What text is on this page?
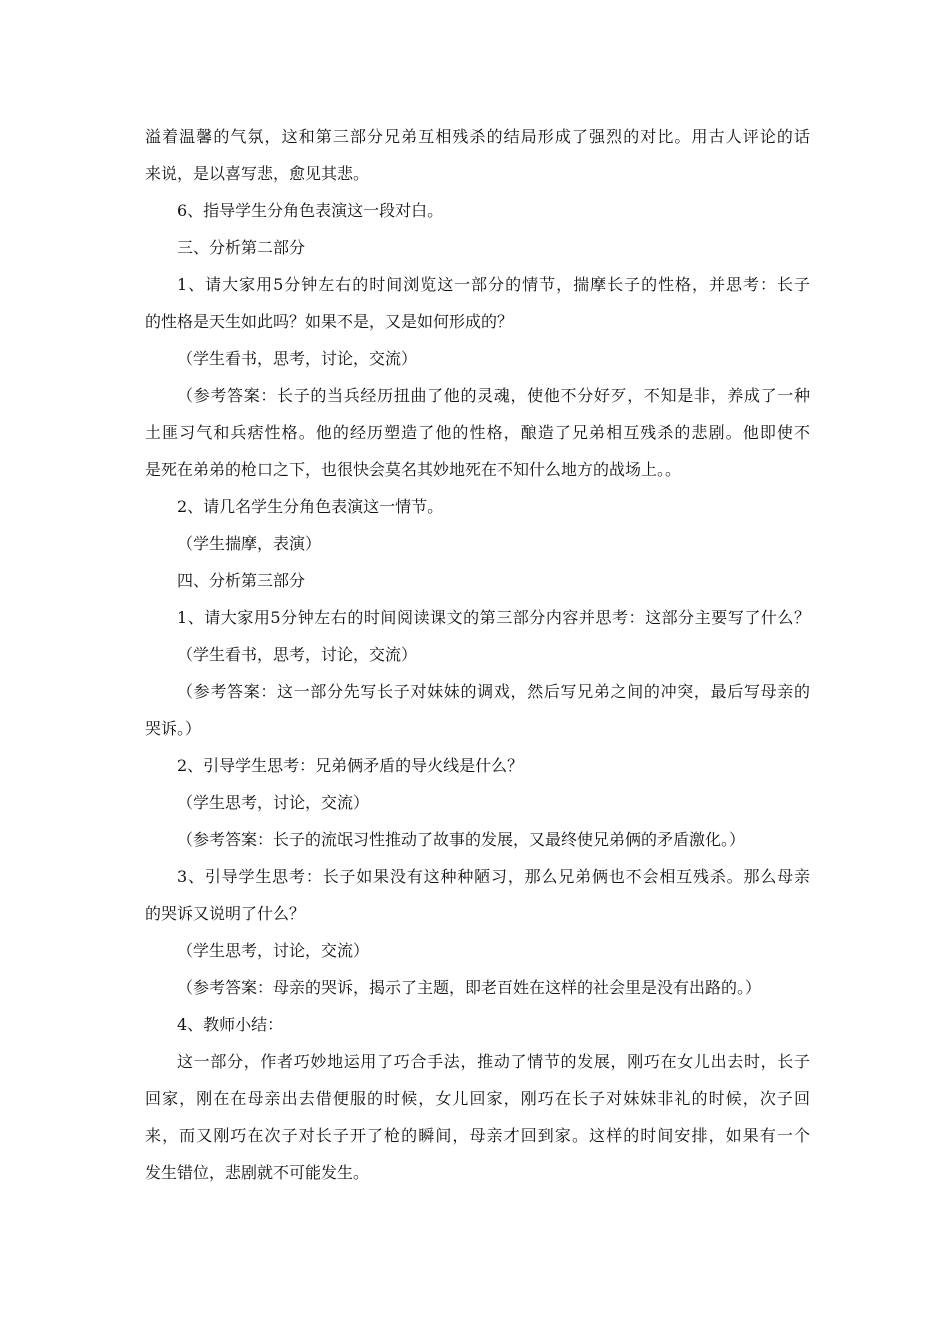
溢着温馨的气氛，这和第三部分兄弟互相残杀的结局形成了强烈的对比。用古人评论的话
来说，是以喜写悲，愈见其悲。
6、指导学生分角色表演这一段对白。
三、分析第二部分
1、请大家用5分钟左右的时间浏览这一部分的情节，揣摩长子的性格，并思考：长子
的性格是天生如此吗？如果不是，又是如何形成的？
（学生看书，思考，讨论，交流）
（参考答案：长子的当兵经历扭曲了他的灵魂，使他不分好歹，不知是非，养成了一种
土匪习气和兵痞性格。他的经历塑造了他的性格，酿造了兄弟相互残杀的悲剧。他即使不
是死在弟弟的枪口之下，也很快会莫名其妙地死在不知什么地方的战场上。。
2、请几名学生分角色表演这一情节。
（学生揣摩，表演）
四、分析第三部分
1、请大家用5分钟左右的时间阅读课文的第三部分内容并思考：这部分主要写了什么？
（学生看书，思考，讨论，交流）
（参考答案：这一部分先写长子对妹妹的调戏，然后写兄弟之间的冲突，最后写母亲的
哭诉。）
2、引导学生思考：兄弟俩矛盾的导火线是什么？
（学生思考，讨论，交流）
（参考答案：长子的流氓习性推动了故事的发展，又最终使兄弟俩的矛盾激化。）
3、引导学生思考：长子如果没有这种种陋习，那么兄弟俩也不会相互残杀。那么母亲
的哭诉又说明了什么？
（学生思考，讨论，交流）
（参考答案：母亲的哭诉，揭示了主题，即老百姓在这样的社会里是没有出路的。）
4、教师小结：
这一部分，作者巧妙地运用了巧合手法，推动了情节的发展，刚巧在女儿出去时，长子
回家，刚在在母亲出去借便服的时候，女儿回家，刚巧在长子对妹妹非礼的时候，次子回
来，而又刚巧在次子对长子开了枪的瞬间，母亲才回到家。这样的时间安排，如果有一个
发生错位，悲剧就不可能发生。
